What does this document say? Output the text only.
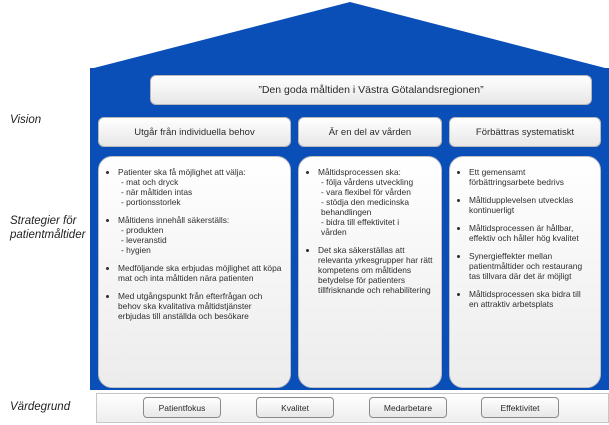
”Den goda måltiden i Västra Götalandsregionen”
Utgår från individuella behov	Är en del av vården	Förbättras systematiskt
• Patienter ska få möjlighet att välja:
- mat och dryck
- när måltiden intas
- portionsstorlek
• Måltidens innehåll säkerställs:
- produkten
- leveranstid
- hygien
• Medföljande ska erbjudas möjlighet att köpa mat och inta måltiden nära patienten
• Med utgångspunkt från efterfrågan och behov ska kvalitativa måltidstjänster erbjudas till anställda och besökare
• Måltidsprocessen ska:
- följa vårdens utveckling
- vara flexibel för vården
- stödja den medicinska
behandlingen
- bidra till effektivitet i
vården
• Det ska säkerställas att relevanta yrkesgrupper har rätt kompetens om måltidens betydelse för patienters tillfrisknande och rehabilitering
• Ett gemensamt förbättringsarbete bedrivs
• Måltidupplevelsen utvecklas kontinuerligt
• Måltidsprocessen är hållbar, effektiv och håller hög kvalitet
• Synergieffekter mellan patientmåltider och restaurang tas tillvara där det är möjligt
• Måltidsprocessen ska bidra till en attraktiv arbetsplats
Patientfokus	Kvalitet	Medarbetare	Effektivitet
Vision
Strategier för
patientmåltider
Värdegrund
